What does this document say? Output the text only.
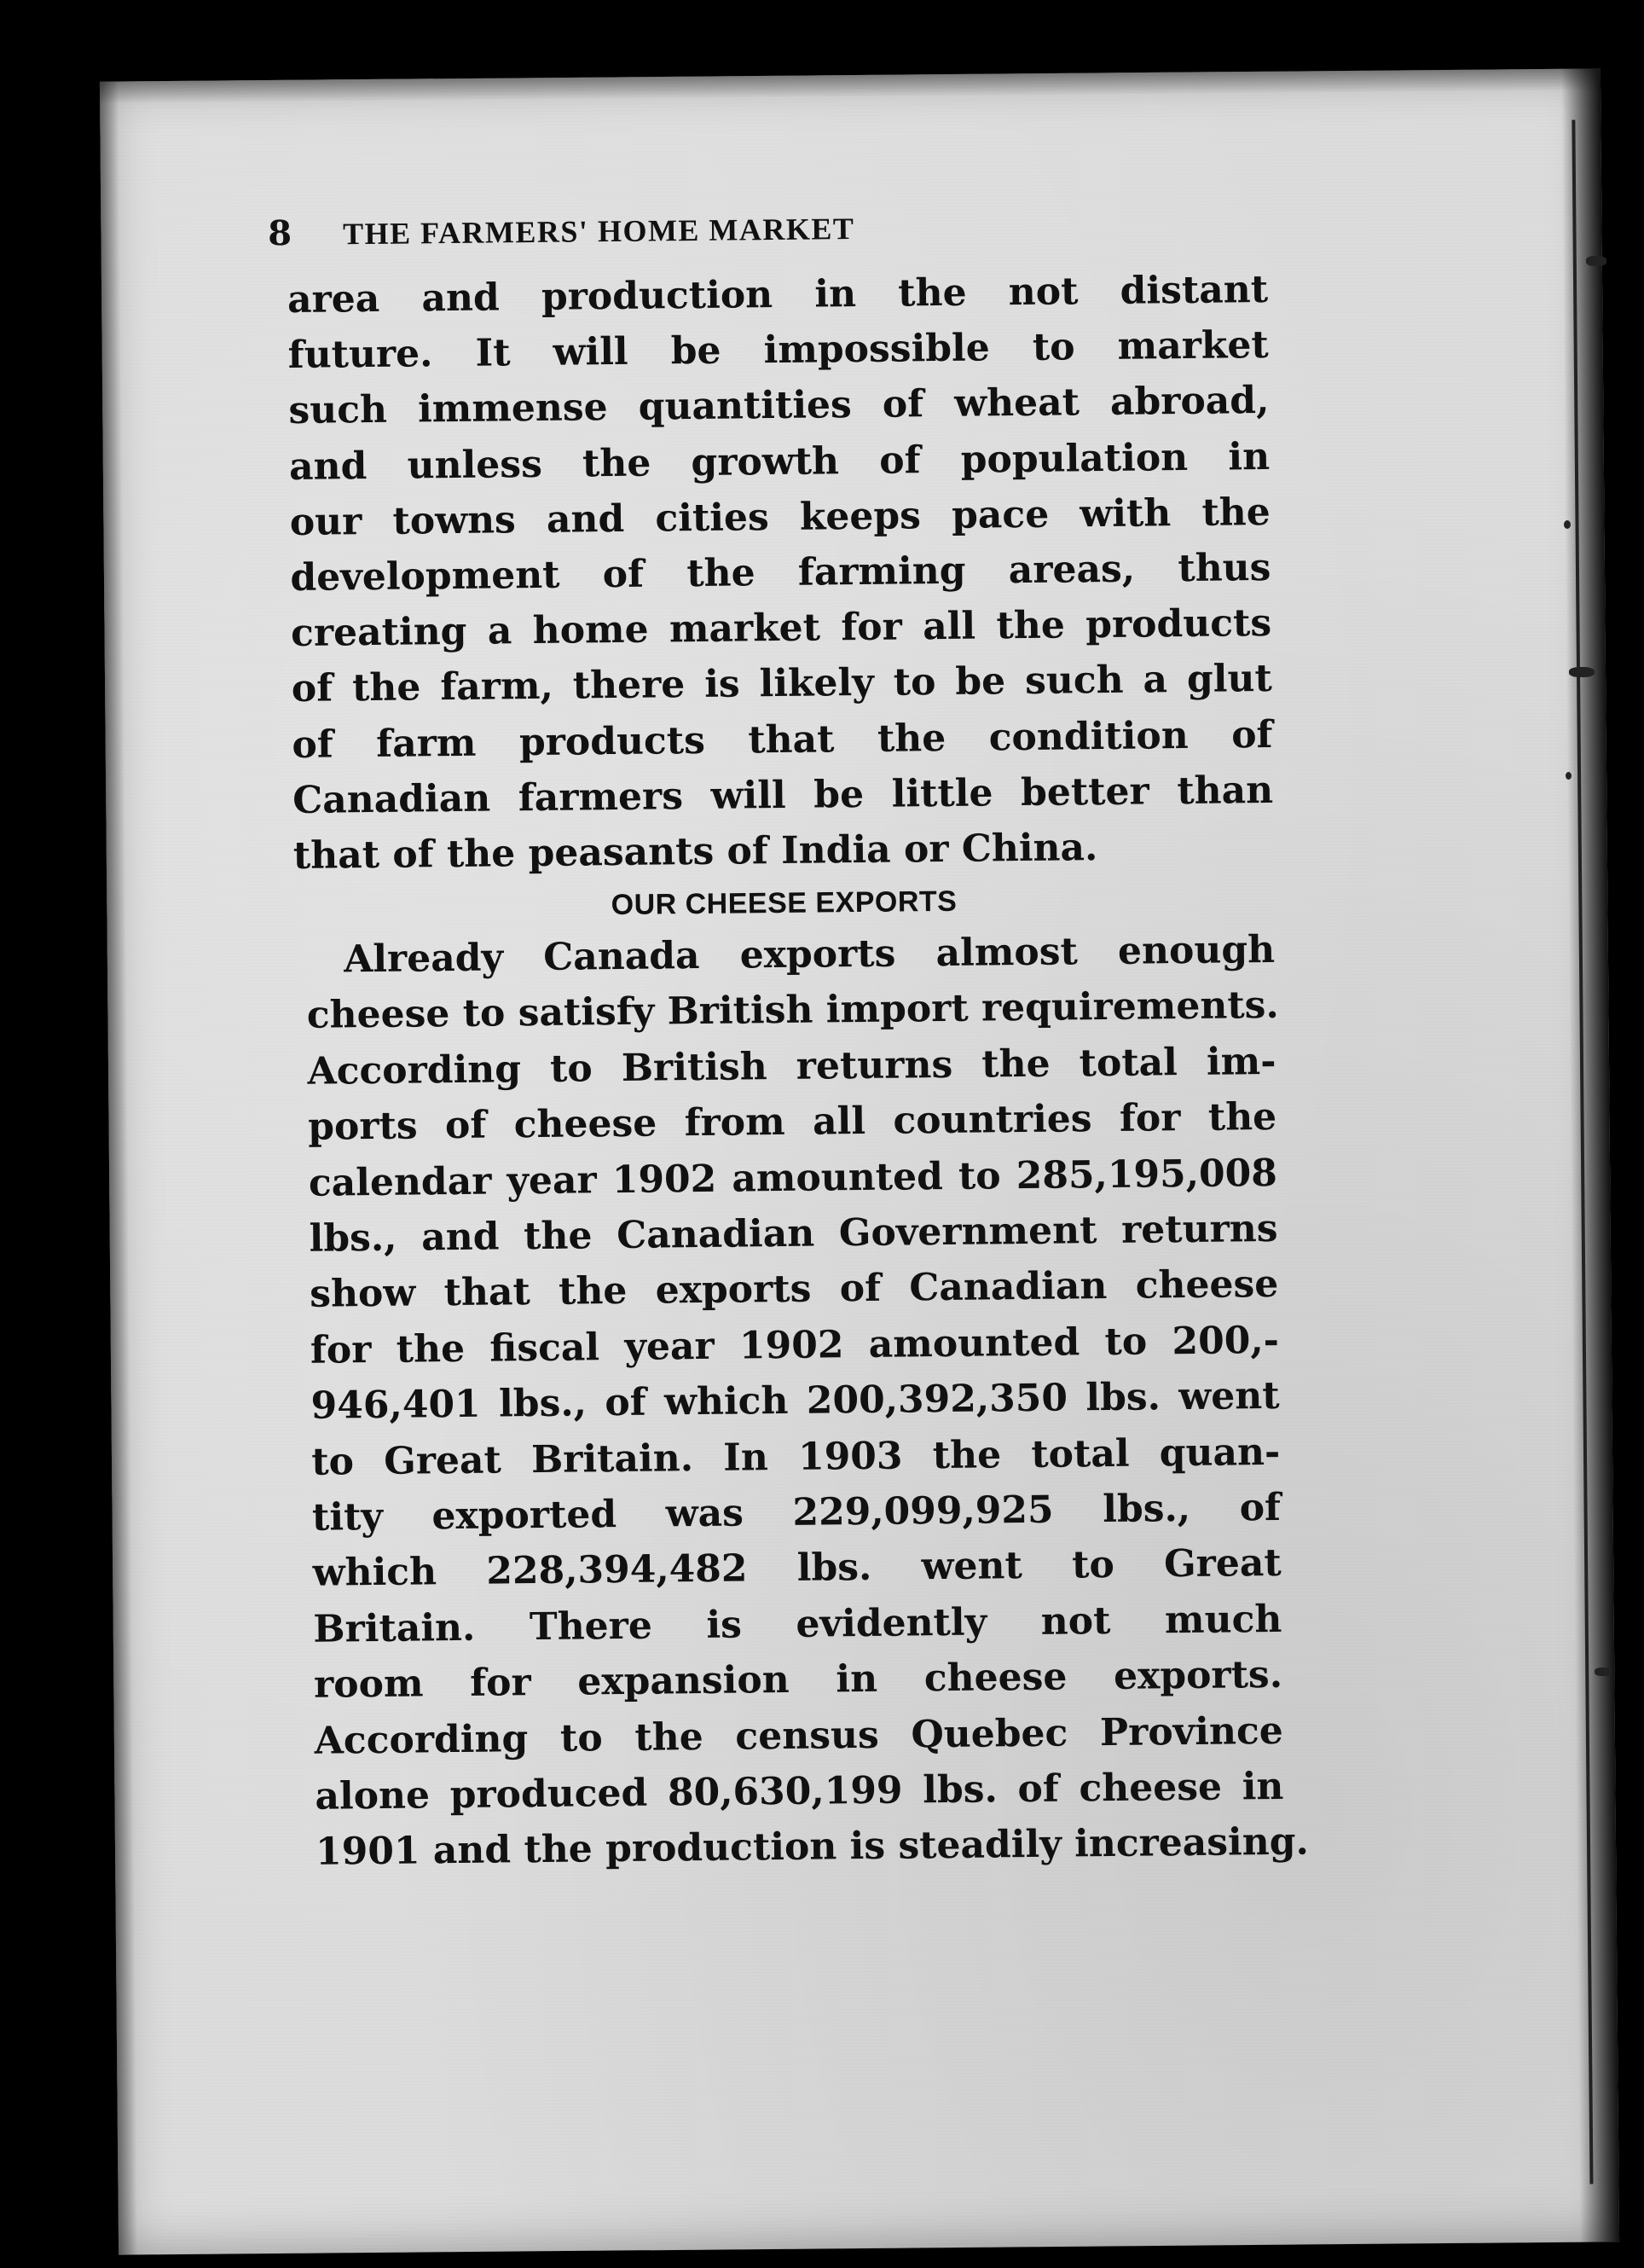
8 THE FARMERS' HOME MARKET
area and production in the not distant
future. It will be impossible to market
such immense quantities of wheat abroad,
and unless the growth of population in
our towns and cities keeps pace with the
development of the farming areas, thus
creating a home market for all the products
of the farm, there is likely to be such a glut
of farm products that the condition of
Canadian farmers will be little better than
that of the peasants of India or China.
OUR CHEESE EXPORTS
Already Canada exports almost enough
cheese to satisfy British import requirements.
According to British returns the total im-
ports of cheese from all countries for the
calendar year 1902 amounted to 285,195,008
lbs., and the Canadian Government returns
show that the exports of Canadian cheese
for the fiscal year 1902 amounted to 200,-
946,401 lbs., of which 200,392,350 lbs. went
to Great Britain. In 1903 the total quan-
tity exported was 229,099,925 lbs., of
which 228,394,482 lbs. went to Great
Britain. There is evidently not much
room for expansion in cheese exports.
According to the census Quebec Province
alone produced 80,630,199 lbs. of cheese in
1901 and the production is steadily increasing.
